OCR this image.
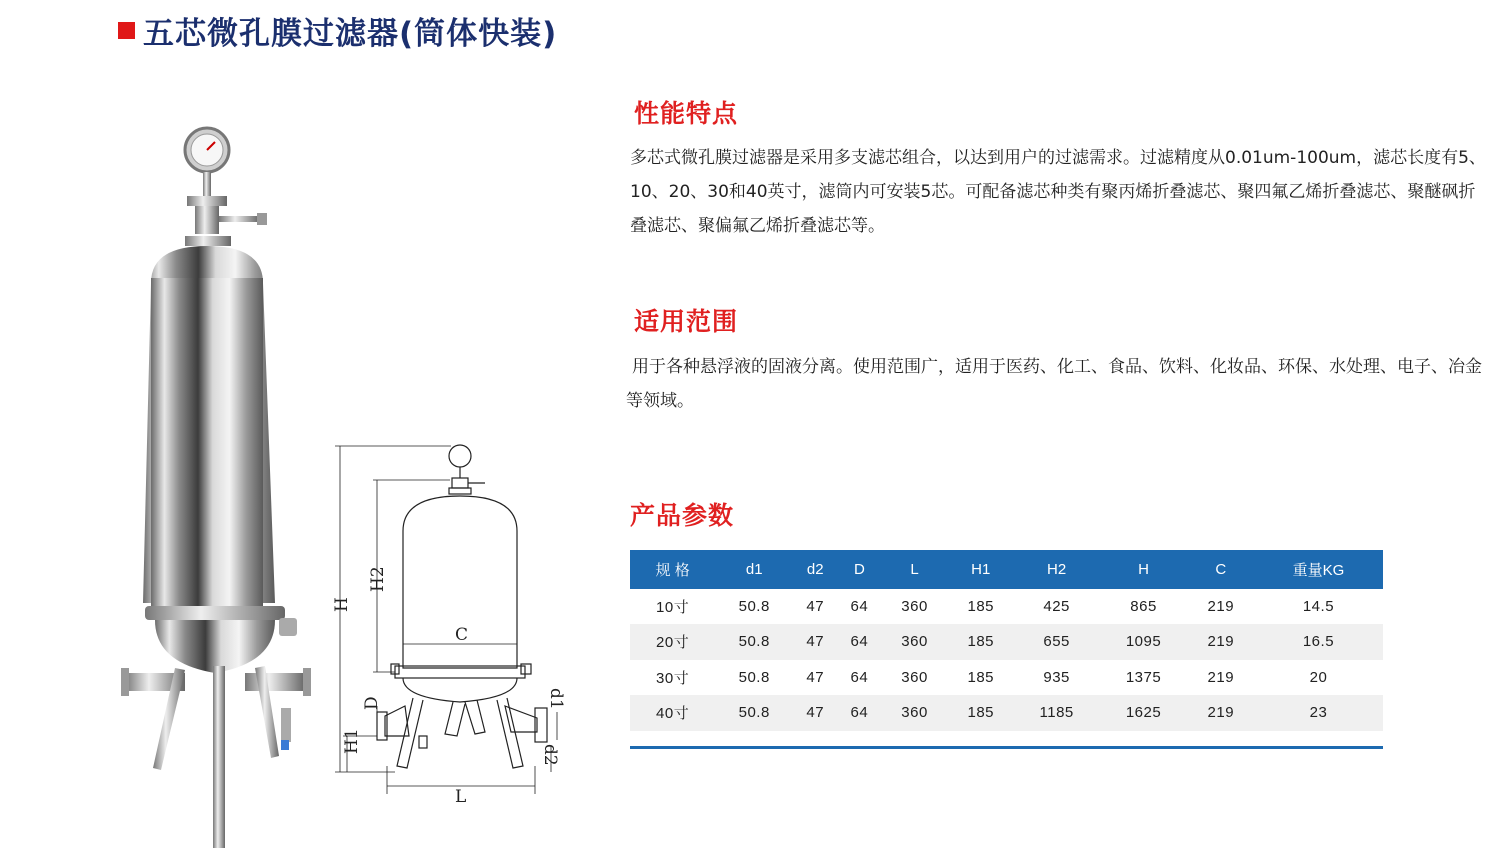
五芯微孔膜过滤器(筒体快装)
H
H2
C
D
H1
L
d1
d2
性能特点

多芯式微孔膜过滤器是采用多支滤芯组合，以达到用户的过滤需求。过滤精度从0.01um-100um，滤芯长度有5、10、20、30和40英寸，滤筒内可安装5芯。可配备滤芯种类有聚丙烯折叠滤芯、聚四氟乙烯折叠滤芯、聚醚砜折叠滤芯、聚偏氟乙烯折叠滤芯等。

适用范围

用于各种悬浮液的固液分离。使用范围广，适用于医药、化工、食品、饮料、化妆品、环保、水处理、电子、冶金等领域。

产品参数
规 格	d1	d2	D	L	H1	H2	H	C	重量KG
10寸	50.8	47	64	360	185	425	865	219	14.5
20寸	50.8	47	64	360	185	655	1095	219	16.5
30寸	50.8	47	64	360	185	935	1375	219	20
40寸	50.8	47	64	360	185	1185	1625	219	23
